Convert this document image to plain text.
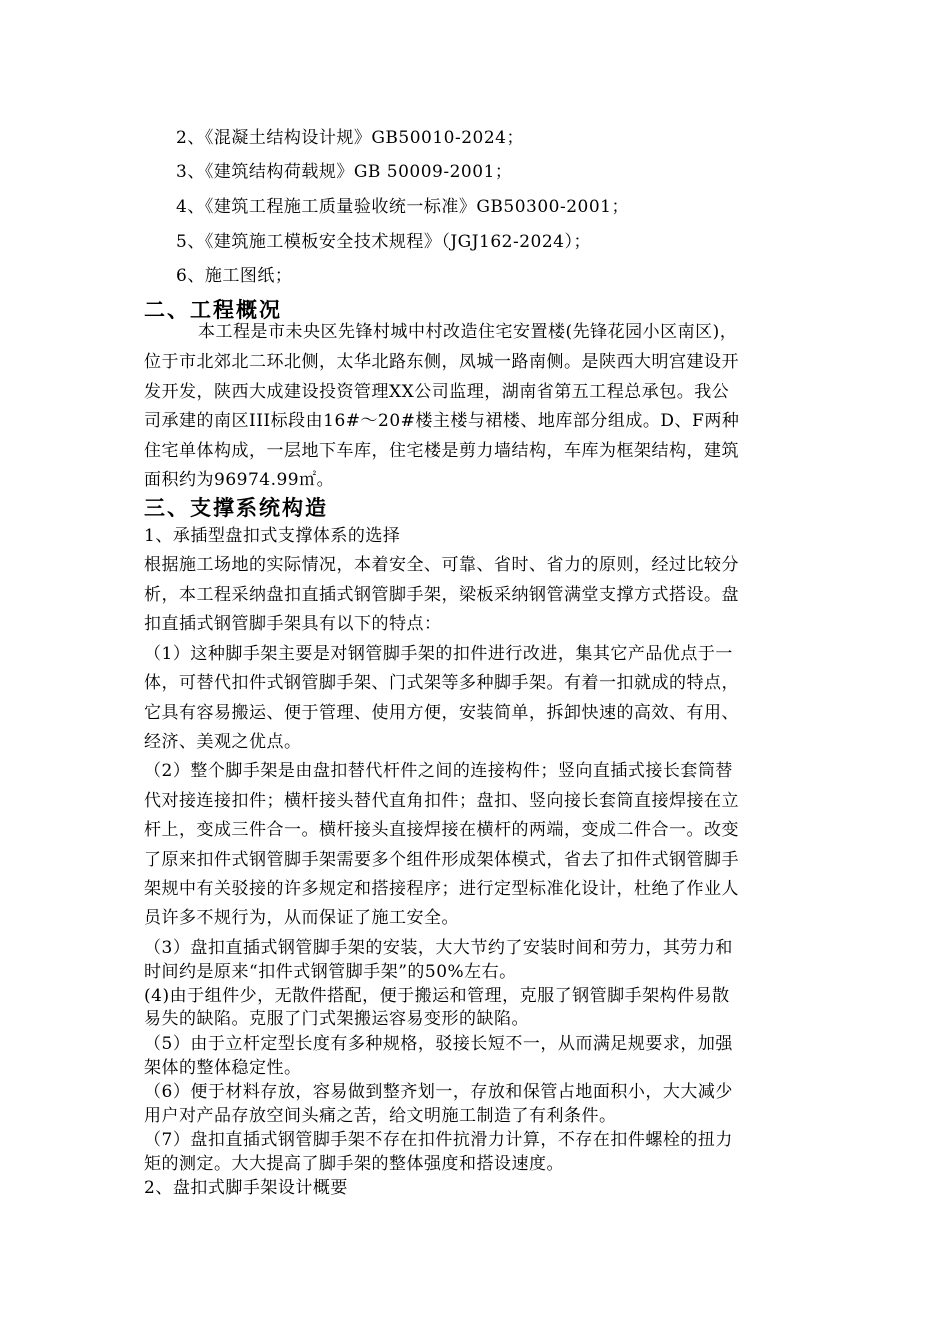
2、《混凝土结构设计规》GB50010-2024；
3、《建筑结构荷载规》GB 50009-2001；
4、《建筑工程施工质量验收统一标准》GB50300-2001；
5、《建筑施工模板安全技术规程》（JGJ162-2024）；
6、施工图纸；
二、工程概况
本工程是市未央区先锋村城中村改造住宅安置楼(先锋花园小区南区)，
位于市北郊北二环北侧，太华北路东侧，凤城一路南侧。是陕西大明宫建设开
发开发，陕西大成建设投资管理XX公司监理，湖南省第五工程总承包。我公
司承建的南区III标段由16#～20#楼主楼与裙楼、地库部分组成。D、F两种
住宅单体构成，一层地下车库，住宅楼是剪力墙结构，车库为框架结构，建筑
面积约为96974.99㎡。
三、支撑系统构造
1、承插型盘扣式支撑体系的选择
根据施工场地的实际情况，本着安全、可靠、省时、省力的原则，经过比较分
析，本工程采纳盘扣直插式钢管脚手架，梁板采纳钢管满堂支撑方式搭设。盘
扣直插式钢管脚手架具有以下的特点：
（1）这种脚手架主要是对钢管脚手架的扣件进行改进，集其它产品优点于一
体，可替代扣件式钢管脚手架、门式架等多种脚手架。有着一扣就成的特点，
它具有容易搬运、便于管理、使用方便，安装简单，拆卸快速的高效、有用、
经济、美观之优点。
（2）整个脚手架是由盘扣替代杆件之间的连接构件；竖向直插式接长套筒替
代对接连接扣件；横杆接头替代直角扣件；盘扣、竖向接长套筒直接焊接在立
杆上，变成三件合一。横杆接头直接焊接在横杆的两端，变成二件合一。改变
了原来扣件式钢管脚手架需要多个组件形成架体模式，省去了扣件式钢管脚手
架规中有关驳接的许多规定和搭接程序；进行定型标准化设计，杜绝了作业人
员许多不规行为，从而保证了施工安全。
（3）盘扣直插式钢管脚手架的安装，大大节约了安装时间和劳力，其劳力和
时间约是原来“扣件式钢管脚手架”的50%左右。
(4)由于组件少，无散件搭配，便于搬运和管理，克服了钢管脚手架构件易散
易失的缺陷。克服了门式架搬运容易变形的缺陷。
（5）由于立杆定型长度有多种规格，驳接长短不一，从而满足规要求，加强
架体的整体稳定性。
（6）便于材料存放，容易做到整齐划一，存放和保管占地面积小，大大减少
用户对产品存放空间头痛之苦，给文明施工制造了有利条件。
（7）盘扣直插式钢管脚手架不存在扣件抗滑力计算，不存在扣件螺栓的扭力
矩的测定。大大提高了脚手架的整体强度和搭设速度。
2、盘扣式脚手架设计概要
